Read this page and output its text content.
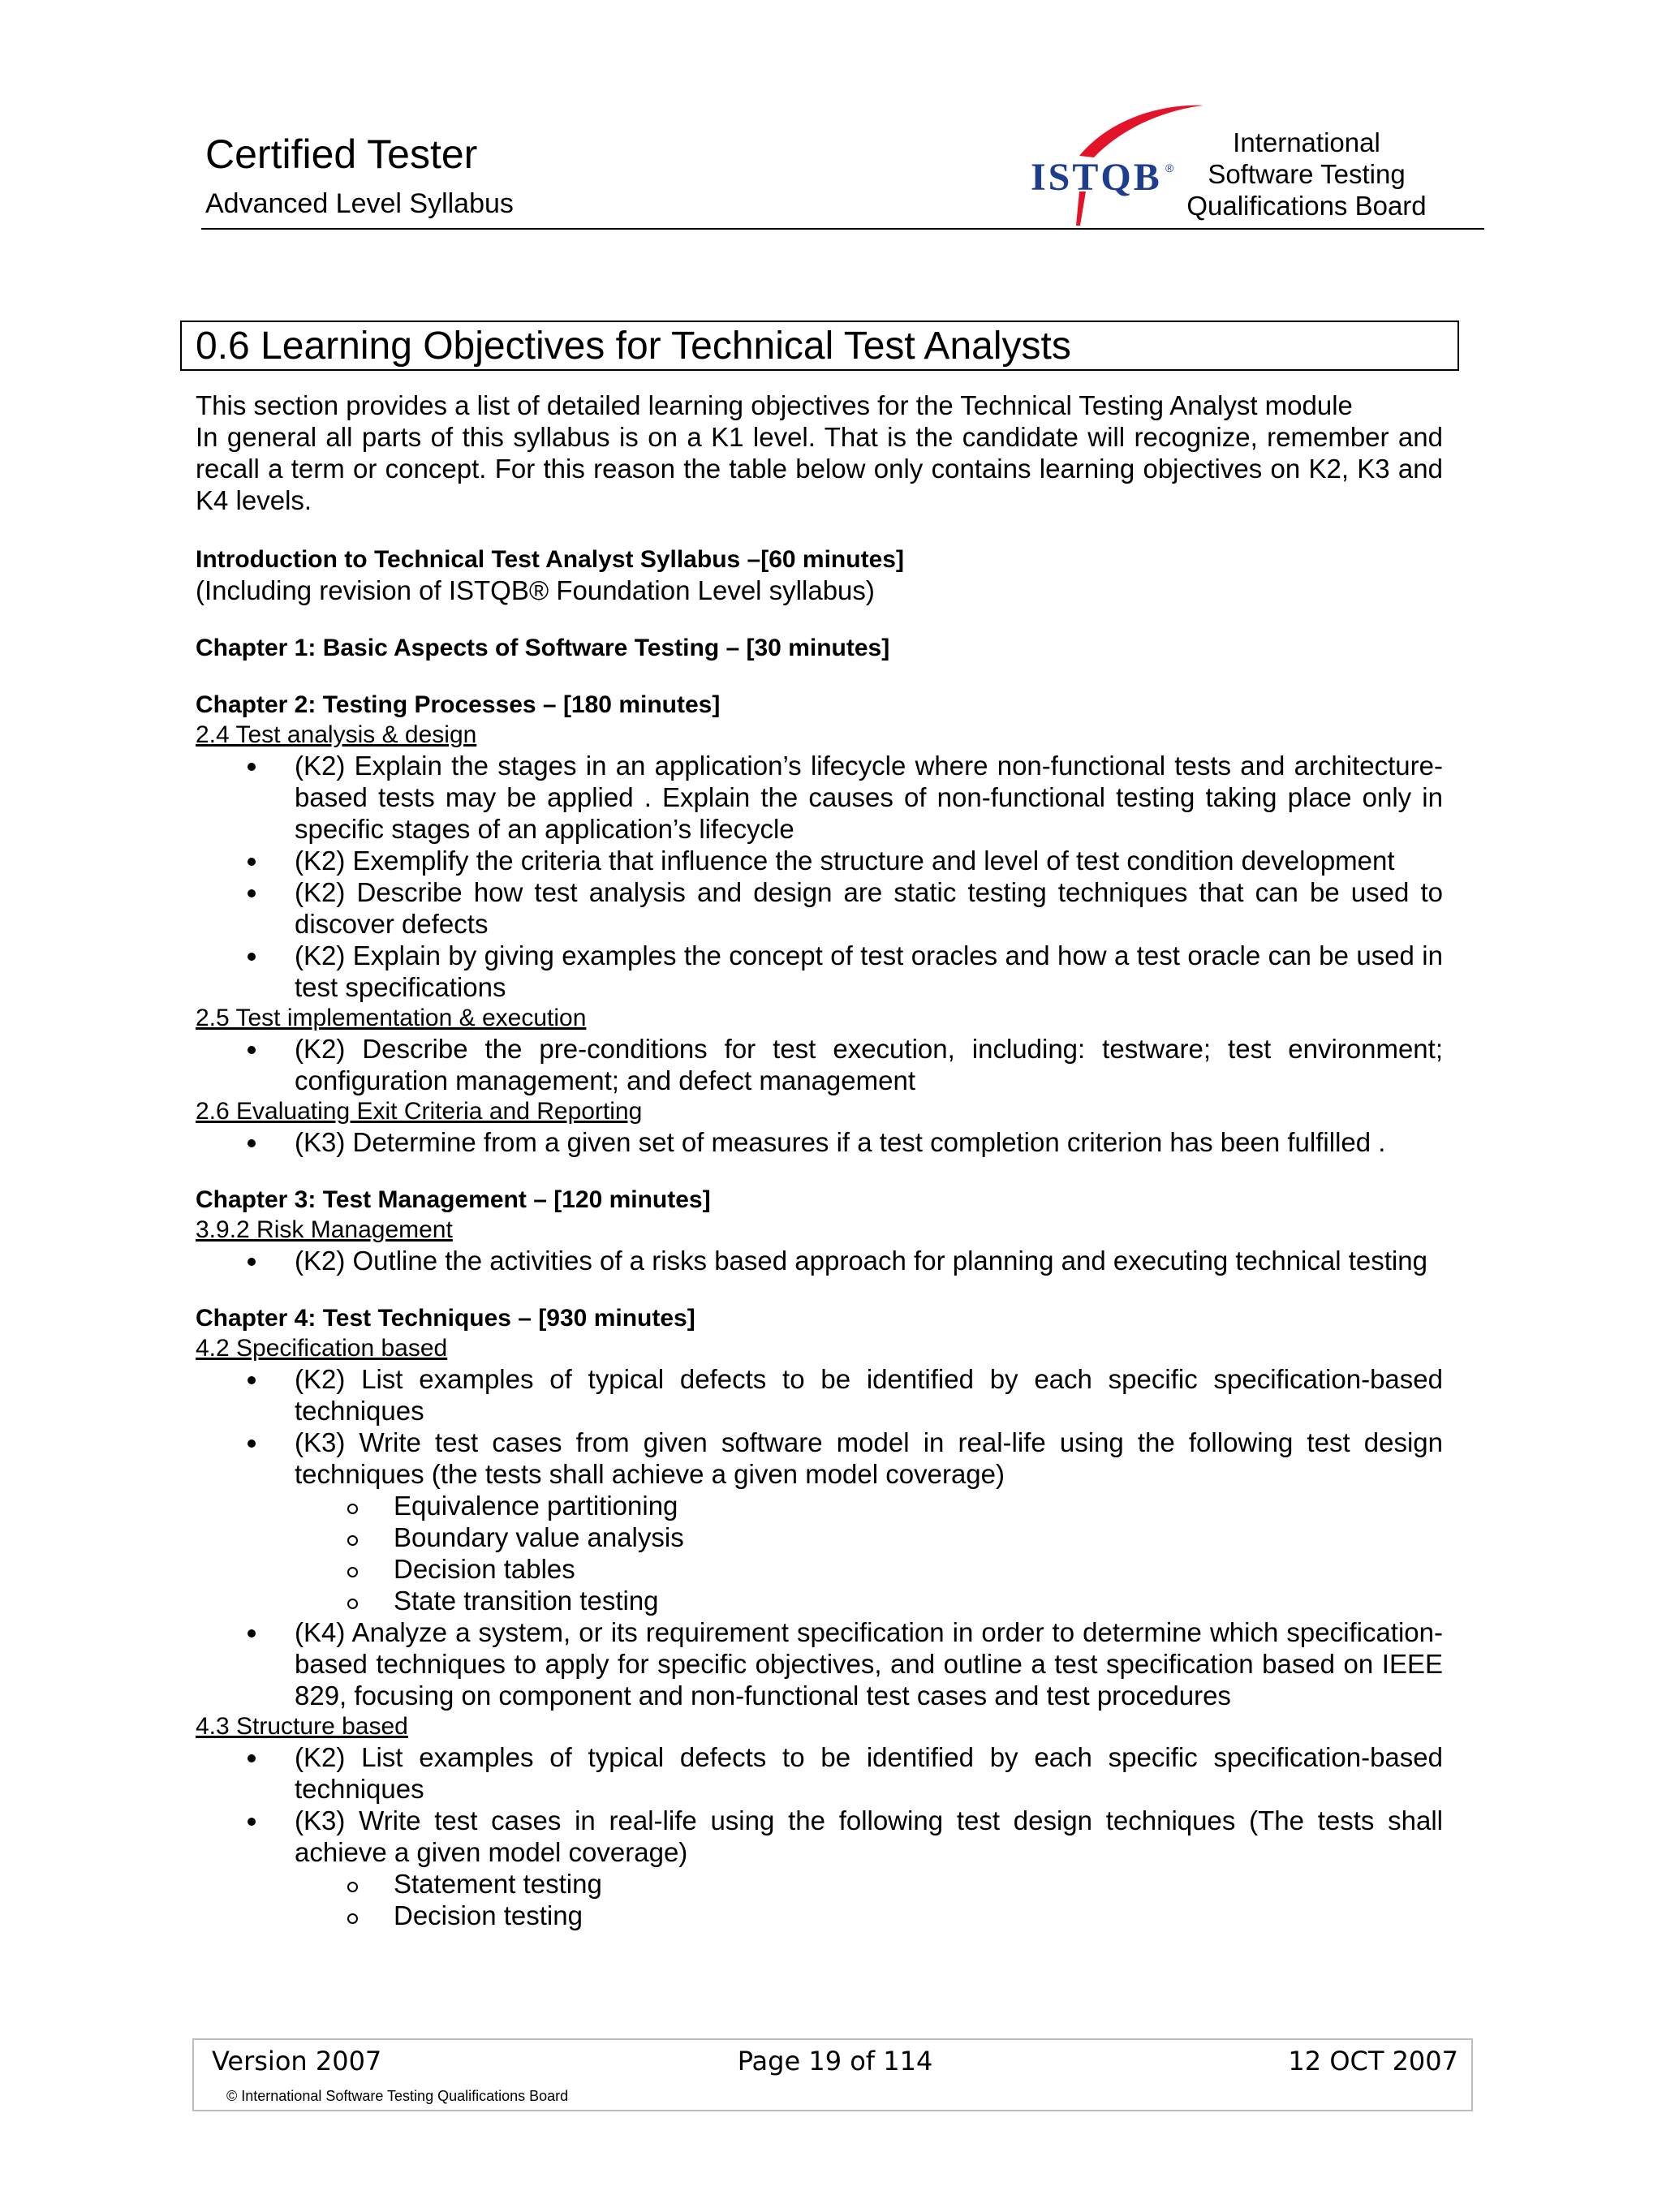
Certified Tester
Advanced Level Syllabus
ISTQB ®
International
Software Testing
Qualifications Board
0.6 Learning Objectives for Technical Test Analysts

This section provides a list of detailed learning objectives for the Technical Testing Analyst module

In general all parts of this syllabus is on a K1 level. That is the candidate will recognize, remember and recall a term or concept. For this reason the table below only contains learning objectives on K2, K3 and K4 levels.

Introduction to Technical Test Analyst Syllabus –[60 minutes]

(Including revision of ISTQB® Foundation Level syllabus)

Chapter 1: Basic Aspects of Software Testing – [30 minutes]

Chapter 2: Testing Processes – [180 minutes]

2.4 Test analysis & design

(K2) Explain the stages in an application’s lifecycle where non-functional tests and architecture-based tests may be applied . Explain the causes of non-functional testing taking place only in specific stages of an application’s lifecycle
(K2) Exemplify the criteria that influence the structure and level of test condition development
(K2) Describe how test analysis and design are static testing techniques that can be used to discover defects
(K2) Explain by giving examples the concept of test oracles and how a test oracle can be used in test specifications

2.5 Test implementation & execution

(K2) Describe the pre-conditions for test execution, including: testware; test environment; configuration management; and defect management

2.6 Evaluating Exit Criteria and Reporting

(K3) Determine from a given set of measures if a test completion criterion has been fulfilled .

Chapter 3: Test Management – [120 minutes]

3.9.2 Risk Management

(K2) Outline the activities of a risks based approach for planning and executing technical testing

Chapter 4: Test Techniques – [930 minutes]

4.2 Specification based

(K2) List examples of typical defects to be identified by each specific specification-based techniques
(K3) Write test cases from given software model in real-life using the following test design techniques (the tests shall achieve a given model coverage)
Equivalence partitioning
Boundary value analysis
Decision tables
State transition testing
(K4) Analyze a system, or its requirement specification in order to determine which specification-based techniques to apply for specific objectives, and outline a test specification based on IEEE 829, focusing on component and non-functional test cases and test procedures

4.3 Structure based

(K2) List examples of typical defects to be identified by each specific specification-based techniques
(K3) Write test cases in real-life using the following test design techniques (The tests shall achieve a given model coverage)
Statement testing
Decision testing
Version 2007	Page 19 of 114	12 OCT 2007
© International Software Testing Qualifications Board
